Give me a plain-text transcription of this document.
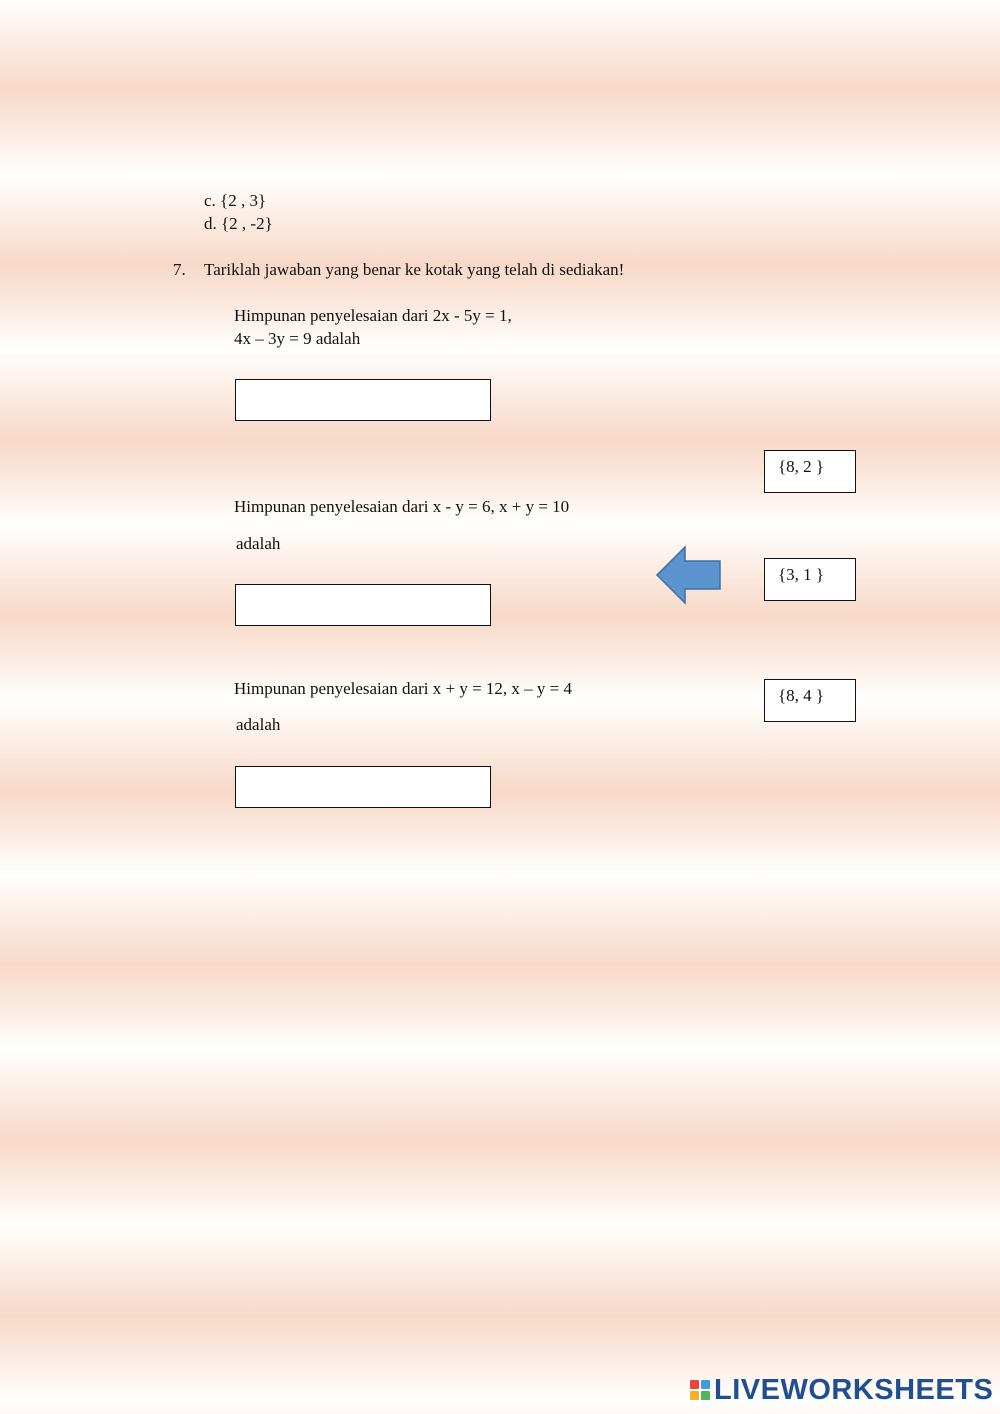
c. {2 , 3}
d. {2 , -2}
7. Tariklah jawaban yang benar ke kotak yang telah di sediakan!
Himpunan penyelesaian dari 2x - 5y = 1,
4x – 3y = 9 adalah
Himpunan penyelesaian dari x - y = 6, x + y = 10
adalah
Himpunan penyelesaian dari x + y = 12, x – y = 4
adalah
{8, 2 }
{3, 1 }
{8, 4 }
LIVEWORKSHEETS
